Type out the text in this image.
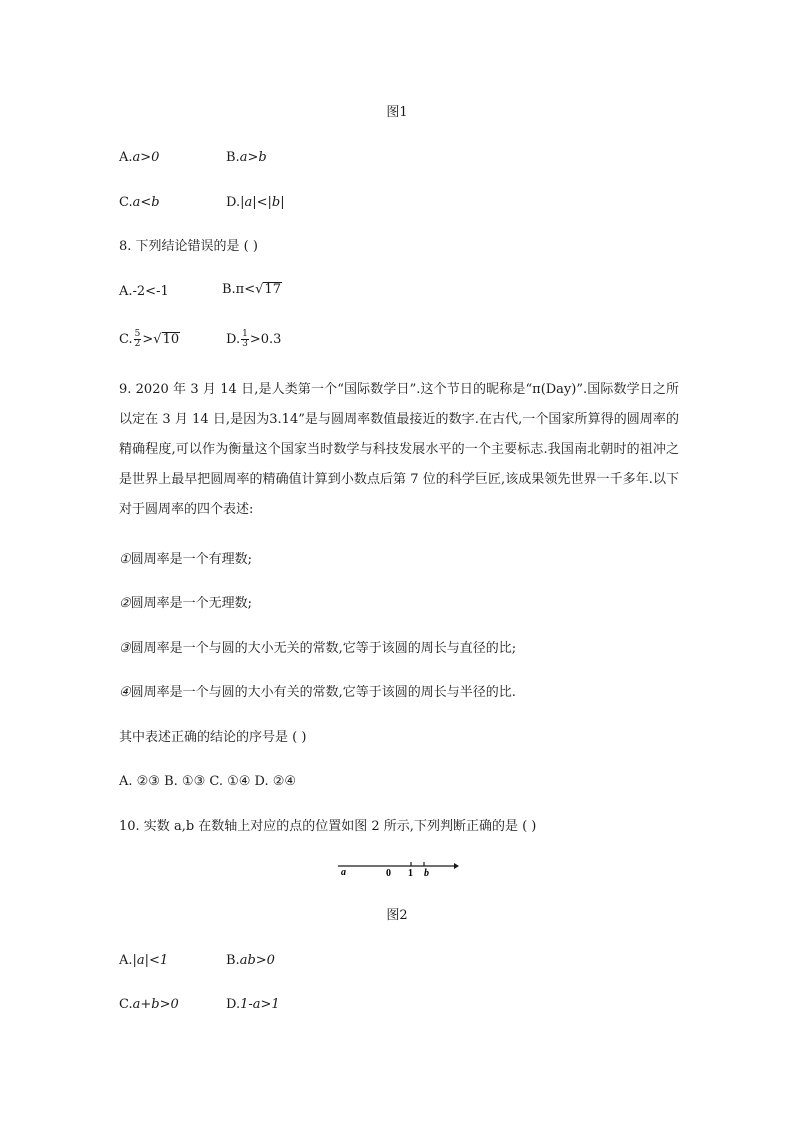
图1
A.a>0	B.a>b
C.a<b	D.|a|<|b|
8. 下列结论错误的是 ( )
A.-2<-1	B.π<√17
C. $\frac{5}{2} >√10$	D. $\frac{1}{3} >0.3$
9. 2020 年 3 月 14 日,是人类第一个“国际数学日”.这个节日的昵称是“π(Day)”.国际数学日之所以定在 3 月 14 日,是因为3.14”是与圆周率数值最接近的数字.在古代,一个国家所算得的圆周率的精确程度,可以作为衡量这个国家当时数学与科技发展水平的一个主要标志.我国南北朝时的祖冲之是世界上最早把圆周率的精确值计算到小数点后第 7 位的科学巨匠,该成果领先世界一千多年.以下对于圆周率的四个表述:
①圆周率是一个有理数;
②圆周率是一个无理数;
③圆周率是一个与圆的大小无关的常数,它等于该圆的周长与直径的比;
④圆周率是一个与圆的大小有关的常数,它等于该圆的周长与半径的比.
其中表述正确的结论的序号是 ( )
A. ②③ B. ①③ C. ①④ D. ②④
10. 实数 a,b 在数轴上对应的点的位置如图 2 所示,下列判断正确的是 ( )
a	0 1 b
图2
A.|a|<1	B.ab>0
C.a+b>0	D.1-a>1
